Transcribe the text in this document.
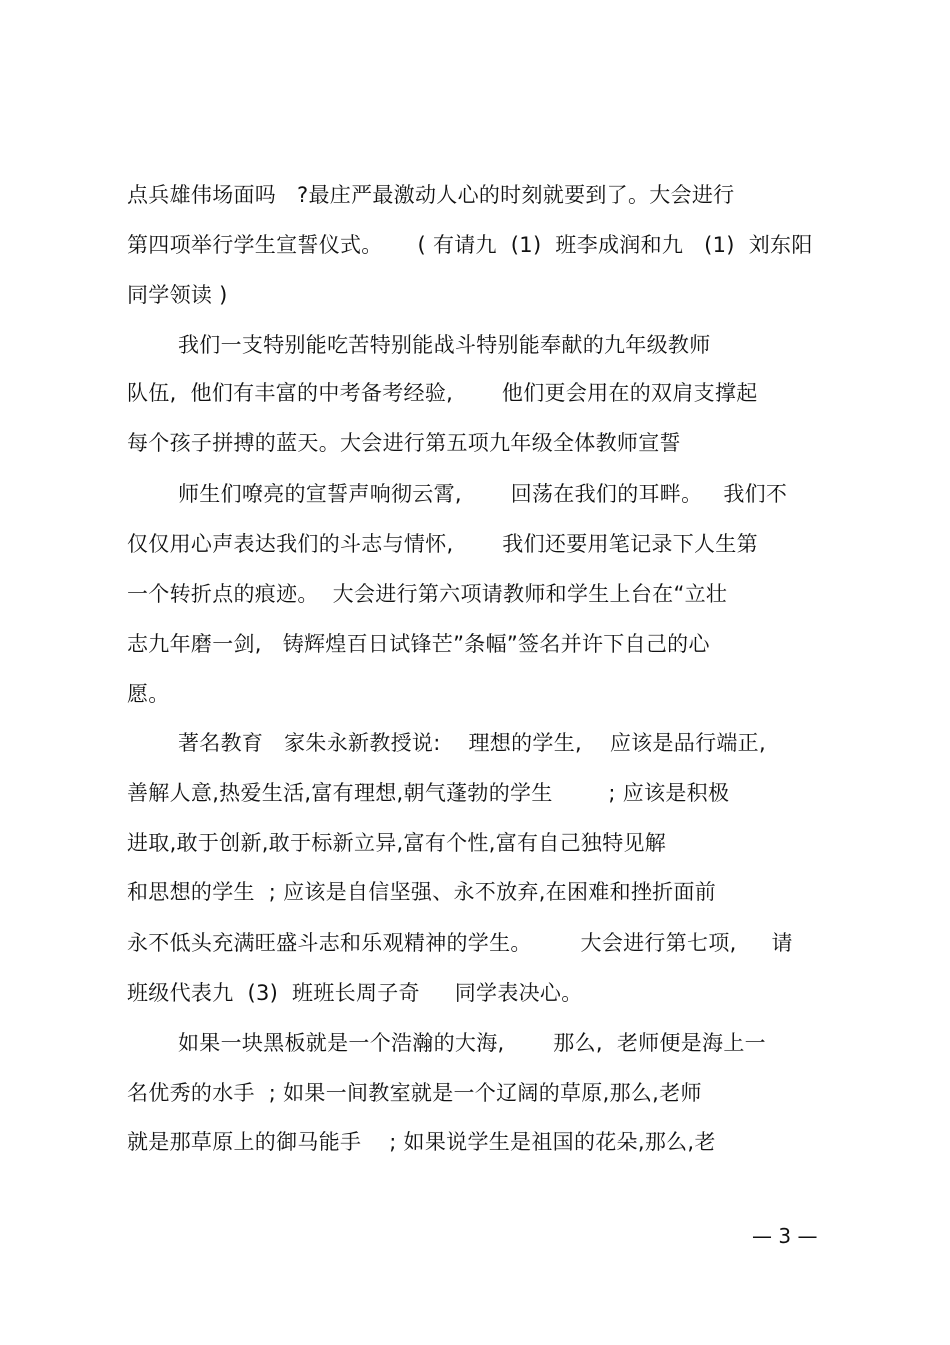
点兵雄伟场面吗   ?最庄严最激动人心的时刻就要到了。大会进行
第四项举行学生宣誓仪式。     ( 有请九  (1)  班李成润和九   (1)  刘东阳
同学领读 )
我们一支特别能吃苦特别能战斗特别能奉献的九年级教师
队伍,  他们有丰富的中考备考经验,       他们更会用在的双肩支撑起
每个孩子拼搏的蓝天。大会进行第五项九年级全体教师宣誓
师生们嘹亮的宣誓声响彻云霄,       回荡在我们的耳畔。   我们不
仅仅用心声表达我们的斗志与情怀,       我们还要用笔记录下人生第
一个转折点的痕迹。  大会进行第六项请教师和学生上台在“立壮
志九年磨一剑,   铸辉煌百日试锋芒”条幅”签名并许下自己的心
愿。
著名教育   家朱永新教授说:    理想的学生,    应该是品行端正,
善解人意,热爱生活,富有理想,朝气蓬勃的学生        ; 应该是积极
进取,敢于创新,敢于标新立异,富有个性,富有自己独特见解
和思想的学生  ; 应该是自信坚强、永不放弃,在困难和挫折面前
永不低头充满旺盛斗志和乐观精神的学生。       大会进行第七项,     请
班级代表九  (3)  班班长周子奇     同学表决心。
如果一块黑板就是一个浩瀚的大海,       那么,  老师便是海上一
名优秀的水手  ; 如果一间教室就是一个辽阔的草原,那么,老师
就是那草原上的御马能手    ; 如果说学生是祖国的花朵,那么,老
— 3 —
